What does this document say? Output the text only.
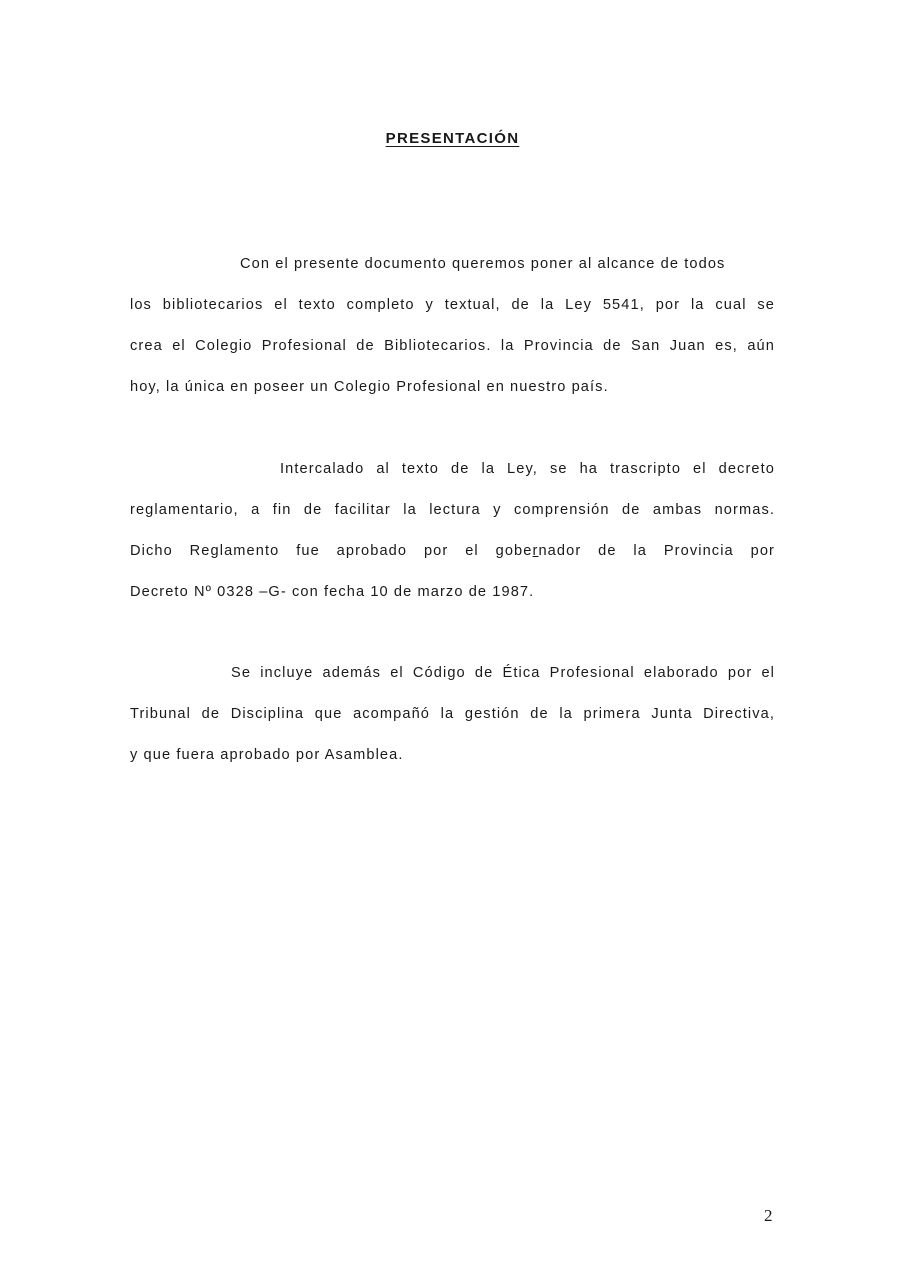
PRESENTACIÓN
Con el presente documento queremos poner al alcance de todos
los bibliotecarios el texto completo y textual, de la Ley 5541, por la cual se
crea el Colegio Profesional de Bibliotecarios. la Provincia de San Juan es, aún
hoy, la única en poseer un Colegio Profesional en nuestro país.
Intercalado al texto de la Ley, se ha trascripto el decreto
reglamentario, a fin de facilitar la lectura y comprensión de ambas normas.
Dicho Reglamento fue aprobado por el gobernador de la Provincia por
Decreto Nº 0328 –G- con fecha 10 de marzo de 1987.
Se incluye además el Código de Ética Profesional elaborado por el
Tribunal de Disciplina que acompañó la gestión de la primera Junta Directiva,
y que fuera aprobado por Asamblea.
2
